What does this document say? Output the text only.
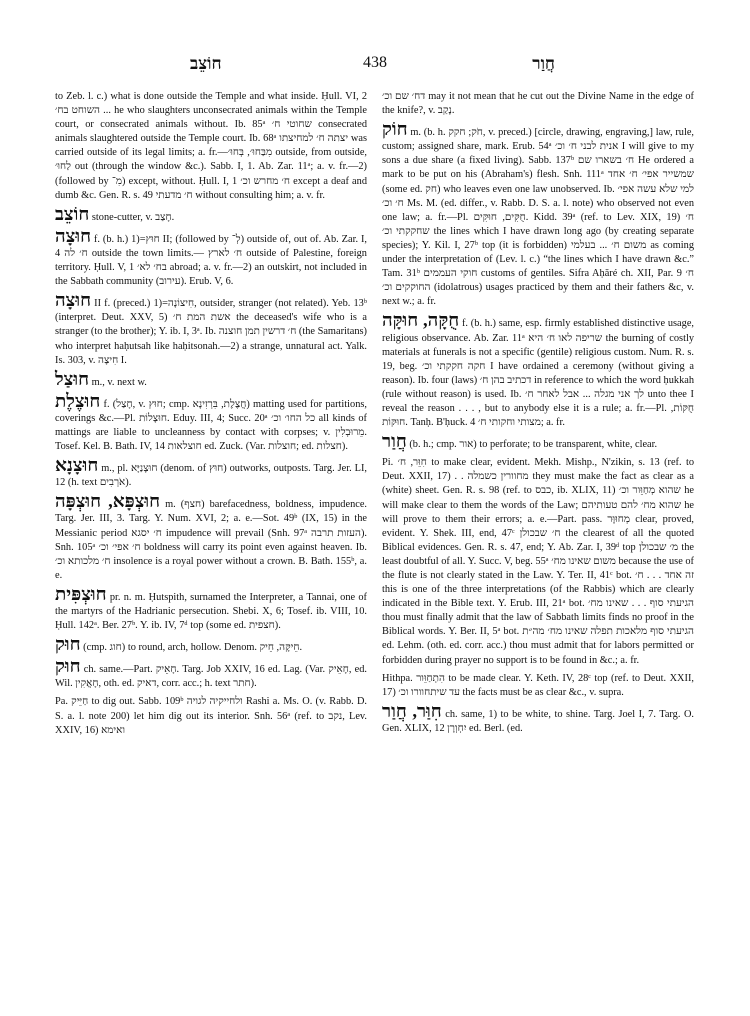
חוֹצֵב	438	חֲוַר

to Zeb. l. c.) what is done outside the Temple and what inside. Ḥull. VI, 2 השוחט בח׳ ... he who slaughters unconsecrated animals within the Temple court, or consecrated animals without. Ib. 85ᵃ שחוטי ח׳ consecrated animals slaughtered outside the Temple court. Ib. 68ᵃ יצתה ח׳ למחיצתו was carried outside of its legal limits; a. fr.—מִבַּחוּ׳, בְּחוּ׳ outside, from outside, לַחוּ׳ out (through the window &c.). Sabb. I, 1. Ab. Zar. 11ᵃ; a. v. fr.—2) (followed by מִ־) except, without. Ḥull. I, 1 ח׳ מחרש וכ׳ except a deaf and dumb &c. Gen. R. s. 49 ח׳ מדעתי without consulting him; a. v. fr.

חוֹצֵב stone-cutter, v. חָצַב.

חוּצָה f. (b. h.) 1)=חוּץ II; (followed by לְ־) outside of, out of. Ab. Zar. I, 4 ח׳ לה outside the town limits.— ח׳ לארץ outside of Palestine, foreign territory. Ḥull. V, 1 בח׳ לא׳ abroad; a. v. fr.—2) an outskirt, not included in the Sabbath community (עירוב). Erub. V, 6.

חוּצָה II f. (preced.) 1)=חִיצוֹנָה, outsider, stranger (not related). Yeb. 13ᵇ (interpret. Deut. XXV, 5) אשת המת ח׳ the deceased's wife who is a stranger (to the brother); Y. ib. I, 3ᵃ. Ib. ח׳ דרשין תמן חוצנה (the Samaritans) who interpret haḥutsah like haḥitsonah.—2) a strange, unnatural act. Yalk. Is. 303, v. חִיצָה I.

חוּצַל m., v. next w.

חוּצֶלֶת f. (חָצַל, v. חוּץ; cmp. חֲצֶלֶת, בִּרְזִינָא) matting used for partitions, coverings &c.—Pl. חוּצָלוֹת. Eduy. III, 4; Succ. 20ᵃ כל החו׳ וכ׳ all kinds of mattings are liable to uncleanness by contact with corpses; v. מֵרוּבְלִין. Tosef. Kel. B. Bath. IV, 14 חוצלאות ed. Zuck. (Var. חוצלות; ed. חצלות).

חוּצָנָא m., pl. חוּצָנַיָּא (denom. of חוּץ) outworks, outposts. Targ. Jer. LI, 12 (h. text אֹרְבִים).

חוּצְפָּא, חוּצְפָּה m. (חצף) barefacedness, boldness, impudence. Targ. Jer. III, 3. Targ. Y. Num. XVI, 2; a. e.—Sot. 49ᵇ (IX, 15) in the Messianic period ח׳ יסגא impudence will prevail (Snh. 97ᵃ העזות תרבה). Snh. 105ᵃ ח׳ אפי׳ וכ׳ boldness will carry its point even against heaven. Ib. ח׳ מלכותא וכ׳ insolence is a royal power without a crown. B. Bath. 155ᵇ, a. e.

חוּצְפִּית pr. n. m. Ḥutspith, surnamed the Interpreter, a Tannai, one of the martyrs of the Hadrianic persecution. Shebi. X, 6; Tosef. ib. VIII, 10. Ḥull. 142ᵃ. Ber. 27ᵇ. Y. ib. IV, 7ᵈ top (some ed. חצפית).

חוּק (cmp. חוג) to round, arch, hollow. Denom. חֵיקָּה, חֵיק.

חוּק ch. same.—Part. חָאֵיק. Targ. Job XXIV, 16 ed. Lag. (Var. חָאֵיק, ed. Wil. חָאֲקִין, oth. ed. דאיק, corr. acc.; h. text חתר).

Pa. חַיֵּיק to dig out. Sabb. 109ᵇ ולחייקיה לגויה Rashi a. Ms. O. (v. Rabb. D. S. a. l. note 200) let him dig out its interior. Snh. 56ᵃ (ref. to נקב, Lev. XXIV, 16) ואימא

דח׳ שם וכ׳ may it not mean that he cut out the Divine Name in the edge of the knife?, v. נָקַב.

חוֹק m. (b. h. חֹק; חקק, v. preced.) [circle, drawing, engraving,] law, rule, custom; assigned share, mark. Erub. 54ᵃ אנית לבני ח׳ וכ׳ I will give to my sons a due share (a fixed living). Sabb. 137ᵇ ח׳ בשארו שם He ordered a mark to be put on his (Abraham's) flesh. Snh. 111ᵃ שמשייר אפי׳ ח׳ אחד (some ed. חק) who leaves even one law unobserved. Ib. למי שלא עשה אפי׳ ח׳ וכ׳ Ms. M. (ed. differ., v. Rabb. D. S. a. l. note) who observed not even one law; a. fr.—Pl. חֻקִּים, חוּקִּים. Kidd. 39ᵃ (ref. to Lev. XIX, 19) ח׳ שחקקתי וכ׳ the lines which I have drawn long ago (by creating separate species); Y. Kil. I, 27ᵇ top (it is forbidden) משום ח׳ ... בעלמי as coming under the interpretation of (Lev. l. c.) “the lines which I have drawn &c.” Tam. 31ᵇ חוקי העממים customs of gentiles. Sifra Aḥăré ch. XII, Par. 9 ח׳ החוקקים וכ׳ (idolatrous) usages practiced by them and their fathers &c, v. next w.; a. fr.

חֻקָּה, חוּקָּה f. (b. h.) same, esp. firmly established distinctive usage, religious observance. Ab. Zar. 11ᵃ שריפה לאו ח׳ היא the burning of costly materials at funerals is not a specific (gentile) religious custom. Num. R. s. 19, beg. חקה חקקתי וכ׳ I have ordained a ceremony (without giving a reason). Ib. four (laws) דכתיב בהן ח׳ in reference to which the word ḥukkah (rule without reason) is used. Ib. לך אני מגלה ... אבל לאחר ח׳ unto thee I reveal the reason . . . , but to anybody else it is a rule; a. fr.—Pl. חֻקּוֹת, חוּקּוֹת. Tanḥ. B'ḥuck. 4 מצותי וחקותי ח׳; a. fr.

חֲוַר (b. h.; cmp. אור) to perforate; to be transparent, white, clear.

Pi. חִוֵּר, ח׳ to make clear, evident. Mekh. Mishp., N'zikin, s. 13 (ref. to Deut. XXII, 17) . . מחוורין כשמלה they must make the fact as clear as a (white) sheet. Gen. R. s. 98 (ref. to כבס, ib. XLIX, 11) שהוא מְחַוֵּור וכ׳ he will make clear to them the words of the Law; שהוא מח׳ להם טעותיהם he will prove to them their errors; a. e.—Part. pass. מְחוּוָּר clear, proved, evident. Y. Shek. III, end, 47ᶜ ח׳ שבכולן the clearest of all the quoted Biblical evidences. Gen. R. s. 47, end; Y. Ab. Zar. I, 39ᵈ top מ׳ שבכולן the least doubtful of all. Y. Succ. V, beg. 55ᵃ משום שאינו מח׳ because the use of the flute is not clearly stated in the Law. Y. Ter. II, 41ᶜ bot. זה אחד . . . ח׳ this is one of the three interpretations (of the Rabbis) which are clearly indicated in the Bible text. Y. Erub. III, 21ᵃ bot. הגיעתי סוף . . . שאינו מח׳ thou must finally admit that the law of Sabbath limits finds no proof in the Biblical words. Y. Ber. II, 5ᵃ bot. הגיעתי סוף מלאכות תפלה שאינו מח׳ מה״ת ed. Lehm. (oth. ed. corr. acc.) thou must admit that for labors permitted or forbidden during prayer no support is to be found in &c.; a. fr.

Hithpa. הִתְחַוֵּור to be made clear. Y. Keth. IV, 28ᶜ top (ref. to Deut. XXII, 17) עד שיתחוורו וכ׳ the facts must be as clear &c., v. supra.

חִוַּר, חֲוַר ch. same, 1) to be white, to shine. Targ. Joel I, 7. Targ. O. Gen. XLIX, 12 יִחְוְרָן ed. Berl. (ed.
